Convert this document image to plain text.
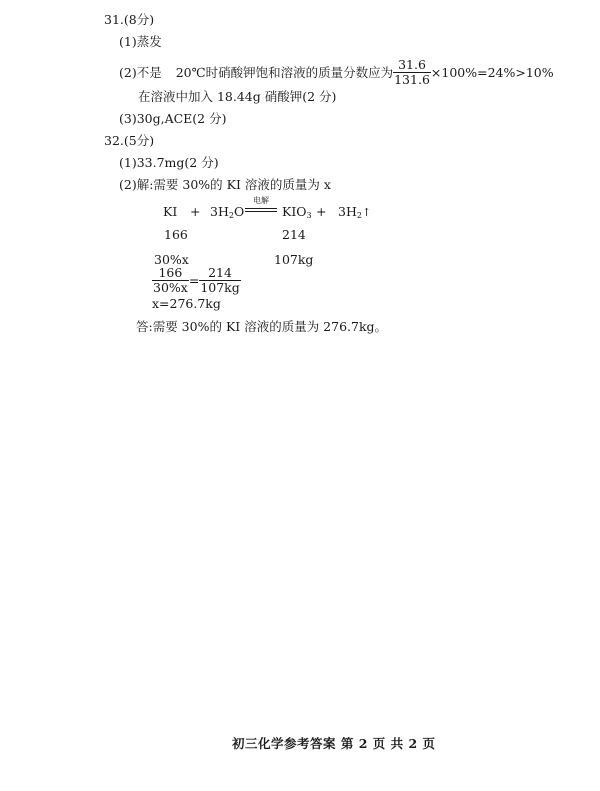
31.(8分)
(1)蒸发
(2)不是 20℃时硝酸钾饱和溶液的质量分数应为 $\frac{31.6}{131.6} \times 100\%=24\%>10\%$
在溶液中加入 18.44g 硝酸钾(2 分)
(3)30g,ACE(2 分)
32.(5分)
(1)33.7mg(2 分)
(2)解:需要 30%的 KI 溶液的质量为 x
KI + $3H_2O$
电解
$KIO_3$ + $3H_2↑$
166	214
30%x	107kg
$\frac{166}{30\%x} = \frac{214}{107kg}$
x=276.7kg
答:需要 30%的 KI 溶液的质量为 276.7kg。
初三化学参考答案 第 2 页 共 2 页
